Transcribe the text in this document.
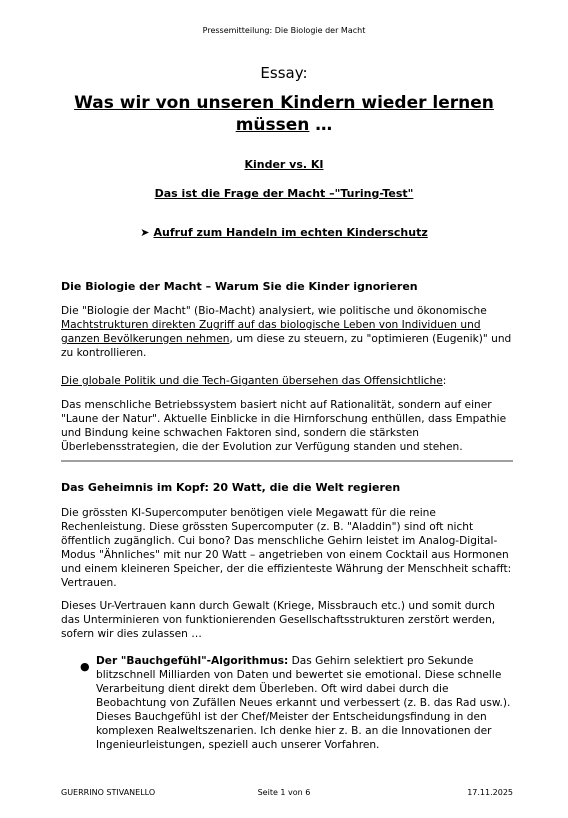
Pressemitteilung: Die Biologie der Macht
Essay:
Was wir von unseren Kindern wieder lernen müssen …
Kinder vs. KI
Das ist die Frage der Macht –"Turing-Test"
➤ Aufruf zum Handeln im echten Kinderschutz
Die Biologie der Macht – Warum Sie die Kinder ignorieren
Die "Biologie der Macht" (Bio-Macht) analysiert, wie politische und ökonomische Machtstrukturen direkten Zugriff auf das biologische Leben von Individuen und ganzen Bevölkerungen nehmen, um diese zu steuern, zu "optimieren (Eugenik)" und zu kontrollieren.
Die globale Politik und die Tech-Giganten übersehen das Offensichtliche:
Das menschliche Betriebssystem basiert nicht auf Rationalität, sondern auf einer "Laune der Natur". Aktuelle Einblicke in die Hirnforschung enthüllen, dass Empathie und Bindung keine schwachen Faktoren sind, sondern die stärksten Überlebensstrategien, die der Evolution zur Verfügung standen und stehen.
Das Geheimnis im Kopf: 20 Watt, die die Welt regieren
Die grössten KI-Supercomputer benötigen viele Megawatt für die reine Rechenleistung. Diese grössten Supercomputer (z. B. "Aladdin") sind oft nicht öffentlich zugänglich. Cui bono? Das menschliche Gehirn leistet im Analog-Digital-Modus "Ähnliches" mit nur 20 Watt – angetrieben von einem Cocktail aus Hormonen und einem kleineren Speicher, der die effizienteste Währung der Menschheit schafft: Vertrauen.
Dieses Ur-Vertrauen kann durch Gewalt (Kriege, Missbrauch etc.) und somit durch das Unterminieren von funktionierenden Gesellschaftsstrukturen zerstört werden, sofern wir dies zulassen …
● Der "Bauchgefühl"-Algorithmus: Das Gehirn selektiert pro Sekunde blitzschnell Milliarden von Daten und bewertet sie emotional. Diese schnelle Verarbeitung dient direkt dem Überleben. Oft wird dabei durch die Beobachtung von Zufällen Neues erkannt und verbessert (z. B. das Rad usw.). Dieses Bauchgefühl ist der Chef/Meister der Entscheidungsfindung in den komplexen Realweltszenarien. Ich denke hier z. B. an die Innovationen der Ingenieurleistungen, speziell auch unserer Vorfahren.
GUERRINO STIVANELLO	Seite 1 von 6	17.11.2025
